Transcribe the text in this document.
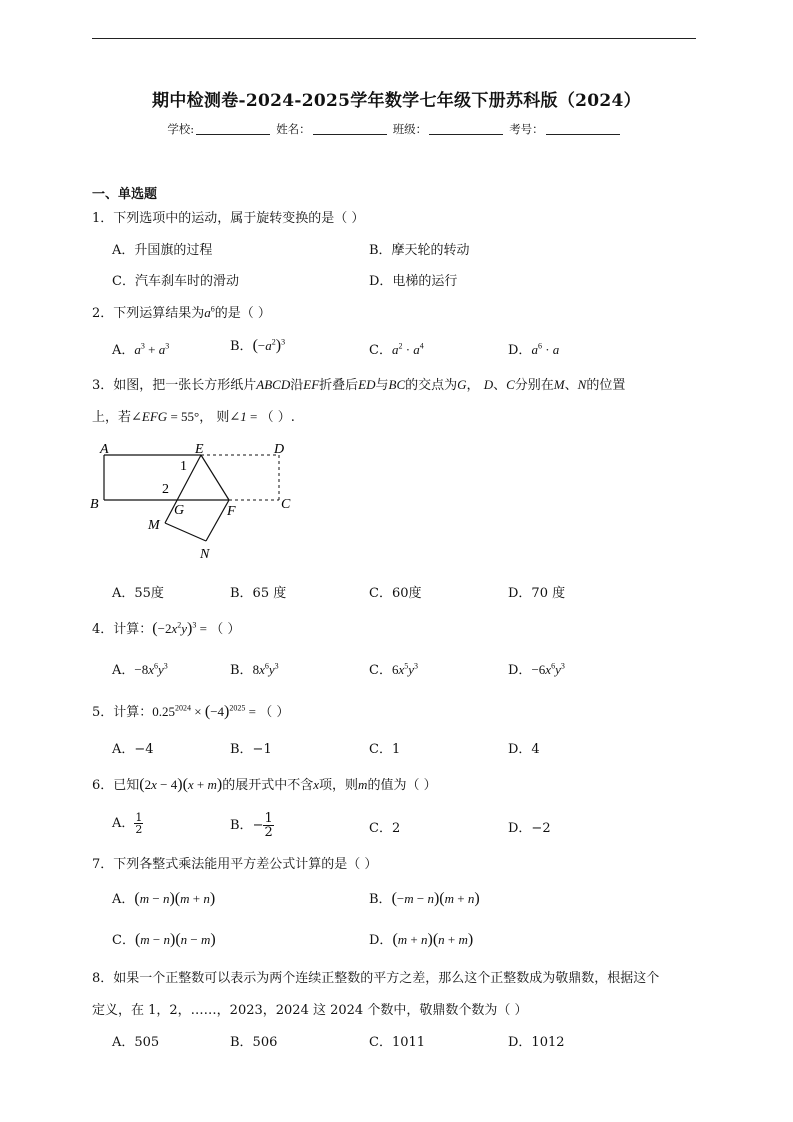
期中检测卷-2024-2025学年数学七年级下册苏科版（2024）
学校:	姓名：	班级：	考号：
一、单选题
1．下列选项中的运动，属于旋转变换的是（ ）
A．升国旗的过程	B．摩天轮的转动
C．汽车刹车时的滑动	D．电梯的运行
2．下列运算结果为$a^6$的是（ ）
A．$a^3 + a^3$	B．$(-a^2)^3$
C．$a^2 \cdot a^4$	D．$a^6 \cdot a$
3．如图，把一张长方形纸片ABCD沿EF折叠后ED与BC的交点为G， D、C分别在M、N的位置
上，若∠EFG = 55°， 则∠1 = （ ）.
A	E	D
1
2
B	G	F	C
M
N
A．55度	B．65 度	C．60度	D．70 度
4．计算：$(-2x^2y)^3$ = （ ）
A．$-8x^6y^3$	B．$8x^6y^3$	C．$6x^5y^3$	D．$-6x^6y^3$
5．计算：$0.25^{2024} \times (-4)^{2025}$ = （ ）
A．−4	B．−1	C．1	D．4
6．已知(2x − 4)(x + m)的展开式中不含x项，则m的值为（ ）
A． $\frac{1}{2}$	B．− $\frac{1}{2}$	C．2	D．−2
7．下列各整式乘法能用平方差公式计算的是（ ）
A．(m − n)(m + n)	B．(−m − n)(m + n)
C．(m − n)(n − m)	D．(m + n)(n + m)
8．如果一个正整数可以表示为两个连续正整数的平方之差，那么这个正整数成为敬鼎数，根据这个
定义，在 1，2，……，2023，2024 这 2024 个数中，敬鼎数个数为（ ）
A．505	B．506	C．1011	D．1012
